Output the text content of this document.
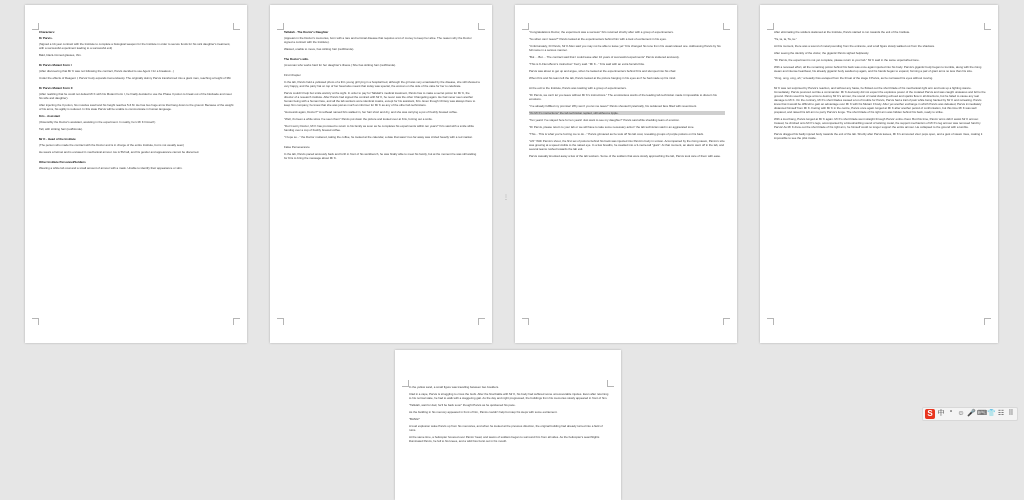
Characters:

Dr Parvis.

(Signed a 10-year contract with the Institute to complete a biological weapon for the Institute in order to secure funds for his sick daughter's treatment, with a successful experiment leading to a successful exit)

Bald, black-rimmed glasses, thin.

Dr Parvis Mutant Form I

(After discovering that Mr K was not following the contract, Parvis decided to use Agent I for a breakout...)

Under the effects of Reagent I, Parvis' body expands tremendously. The originally skinny Parvis transformed into a giant man, reaching a height of 3M.

Dr Parvis Mutant Form II

(After realizing that he could not defeat Mr K with his Mutant Form I, he finally decided to use the Phase II potion to break out of the blockade and meet his wife and daughter).

After injecting the II potion, his muscles swell and his height reaches 5-6 M. He has two huge arms that hang down to the ground. Because of the weight of his arms, his agility is reduced. In this state Parvis will be unable to communicate in human language.

Kris - Assistant

(Ostensibly the Doctor's assistant, assisting in the experiment. In reality, he's Mr K himself.)

Tall, with striking hair (red/blonde).

Mr K - Head of the Institute

(The person who made the contract with the Doctor and is in charge of the entire Institute, but is not usually seen)

He wears a helmet and is encased in mechanical armour. He is 5M tall, and his gender and appearance cannot be discerned.

Other Institute Personnel/Soldiers

Wearing a white lab coat and a small amount of armour with a mask. Unable to identify their appearance or skin.

Tallulah - The Doctor's Daughter

(Appears in the Doctor's memories, born with a rare and terminal disease that requires a lot of money to keep her alive. The reason why the Doctor signed a contract with the Institute).

Wasted, unable to move, has striking hair (red/blonde).

The Doctor's wife.

(A woman who works hard for her daughter's illness.) She has striking hair (red/blonde).

First Chapter

In the lab, Parvis held a yellowed photo of a thin young girl lying in a hospital bed, although the girl was very emaciated by the disease, she still showed a very happy, and the party hat on top of her head also meant that today was special, the woman on the side of the cake for her to celebrate.

Parvis couldn't help but smile warmly at the sight. In order to pay for Tallulah's medical treatment, Parvis has to make a secret potion for Mr K, the director of a research institute. After Parvis had signed the contract with Mr K, he never saw the other Changeling again. He had never seen another human being with a human face, and all the lab workers wore identical masks, except for his assistant, Kris. Even though Chrissy was always there to keep him company, he knew that she was just as much an informer for Mr K as any of the other lab technicians.

"Homesick again, Doctor?" A redhead named Kris walked in, her hair short and dry, and she was carrying a pot of freshly brewed coffee.

"Well, it's been a while since I've seen them" Parvis put down the picture and looked over at Kris, forcing out a smile.

"Don't worry Doctor, Mr K has promised to return to his family as soon as he completes his experiments within ten years!" Kris said with a smile while handing over a cup of freshly brewed coffee.

"I hope so..." the Doctor muttered, taking the coffee, he looked at the calendar, a date that wasn't too far away was circled heavily with a red marker.

False Perseverance

In the lab, Parvis paced anxiously back and forth in front of his workbench, he was finally able to meet his family, but at the moment he was still waiting for Kris to bring the message about Mr K.

⋮

"Congratulations Doctor, the experiment was a success" Kris returned shortly after with a group of experimenters.

"So when can I leave?" Parvis looked at the experimenters behind him with a look of excitement in his eyes.

"Unfortunately, Dr Parvis, Mr K-Men said you may not be able to leave yet" Kris changed his tone from his usual relaxed one. Addressing Parvis by his full name in a serious manner.

"But ... But ... The contract said that I could leave after 10 years of successful experiments" Parvis stuttered anxiously.

"This is K-Flem-Bonn’s instruction" Kerry said. "Mr K..." Kris said with an extra forceful bite.

Parvis was about to get up and argue, when he looked at the experimenters behind Kris and slumped into his chair.

When Kris and his team left the lab, Parvis looked at the picture hanging in his eyes as if he had made up his mind.

At the exit to the Institute, Parvis was tussling with a group of experimenters.

"Dr Parvis, we can't let you leave without Mr K's instructions." The emotionless words of the leading lab technician made it impossible to discern his emotions.

"I've already fulfilled my promise! Why won't you let me leave!" Parvis shouted hysterically, his reddened face filled with resentment.

"It's Mr K's instructions" the lab technician replied, still without a ripple.

"Ten years! I've stayed here for ten years! Just want to see my daughter!" Parvis said while shedding tears of emotion.

"Dr Parvis, please return to your lab or we will have to take some necessary action" the lab technician said in an aggravated tone.

"This... This is what you're forcing me to do..." Parvis grimaced as he took off his lab coat, revealing groups of purple potions on his back.

"Ah!" With Parvis's shout, the first set of potions behind his back was injected into Parvis's body in unison. Accompanied by the rising steam, Parvis's size was growing at a speed visible to the naked eye. In a few breaths, he swelled into a 3-metre-tall "giant". At that moment, an alarm went off in the lab, and several teams rushed towards the lab exit.

Parvis casually knocked away a few of the lab workers. Some of the soldiers that were slowly approaching the lab, Parvis took care of them with ease.

After eliminating the soldiers stationed at the Institute, Parvis started to run towards the exit of the Institute.

"Ta, ta, ta, Ta, ta-"

At this moment, there was a sound of metal pounding from the entrance, and a tall figure slowly walked out from the shadows.

After seeing the identity of the visitor, the gigantic Parvis sighed helplessly.

"Dr Parvis, the experiment is not yet complete, please return to your lab." Mr K said in the same unperturbed tone.

With a renewed effort, all the remaining potion behind his back was once again injected into his body. Parvis's gigantic body began to tremble, along with the rising steam and intense heartbeat, his already gigantic body swelled up again, and his hands began to expand, forming a pair of giant arms no less than his size.

"Omg, omg, omg, ah," a beastly hiss escaped from the throat of the stage II Parvis, as he narrowed his eyes without moving.

Mr K was not surprised by Parvis's reaction, and without any haste, he flicked out the short blade of his mechanical right arm and took up a fighting stance. Immediately, Parvis pounced out like a commander. Mr K deviously did not expect the explosive power of the mutated Parvis and was caught unawares and fell to the ground. Parvis used his huge arms to destroy Mr K's armour, the sound of metal clashing echoed and sparks flew in all directions, but he failed to cause any real damage to Mr K. On the contrary, Mr K's short blades caused a lot of trouble for Parvis, Parvis had a trail of pain while being hacked by Mr K and retreating. Parvis knew that it would be difficult to gain an advantage over Mr K with his Mutant II body. After yet another exchange in which Parvis was defeated, Parvis immediately distanced himself from Mr K. Facing with Mr K in the centre, Parvis once again lunged at Mr K after another period of confrontation, but this time Mr K was well prepared, and raised his left arm to parry Parvis's lunge. The short blade of his right arm was hidden behind his back, ready to strike.

With a loud bang, Parvis lunged at Mr K again. Mr K's short blade went straight through Parvis' entire chest. But this time, Parvis' arms didn't assist Mr K armour. Instead, he climbed onto Mr K's legs, accompanied by a bloodcurdling sound of twisting metal, the support mechanism of Mr K's leg armour was removed hard by Parvis! As Mr K drew out the short blade of his right arm, he himself could no longer support the entire armour. He collapsed to the ground with a tumble.

Parvis dragged his badly injured body towards the exit of the lab. Shortly after Parvis leaves, Mr K's armoured visor pops open, and a gust of steam rises, making it impossible to see the pilot inside.

In the yellow sand, a small figure was travelling between two boulders.

Clad in a cape, Parvis is struggling to cross the Gobi. After the final battle with Mr K, his body had suffered some unrecoverable injuries. Even after returning to his normal state, he had to walk with a staggering gait. As the day and night progressed, the buildings from his memories slowly appeared in front of him.

"Tallulah, wait for dad, he'll be back soon" thought Parvis as he quickened his pace.

As the building in his memory appeared in front of him, Parvis couldn't help but step his steps with some excitement.

"BANG!"

A loud explosion woke Parvis up from his memories, and when he looked at the previous direction, the original building had already turned into a field of ruins.

At the same time, a helicopter hovered over Parvis' head, and teams of soldiers began to surround him from all sides. As the helicopter's searchlights illuminated Parvis, he fell to his knees, and a wild hiss burst out in his mouth.

S 中 ° ☺ 🎤 ⌨ 👕 ☷ ⠿
